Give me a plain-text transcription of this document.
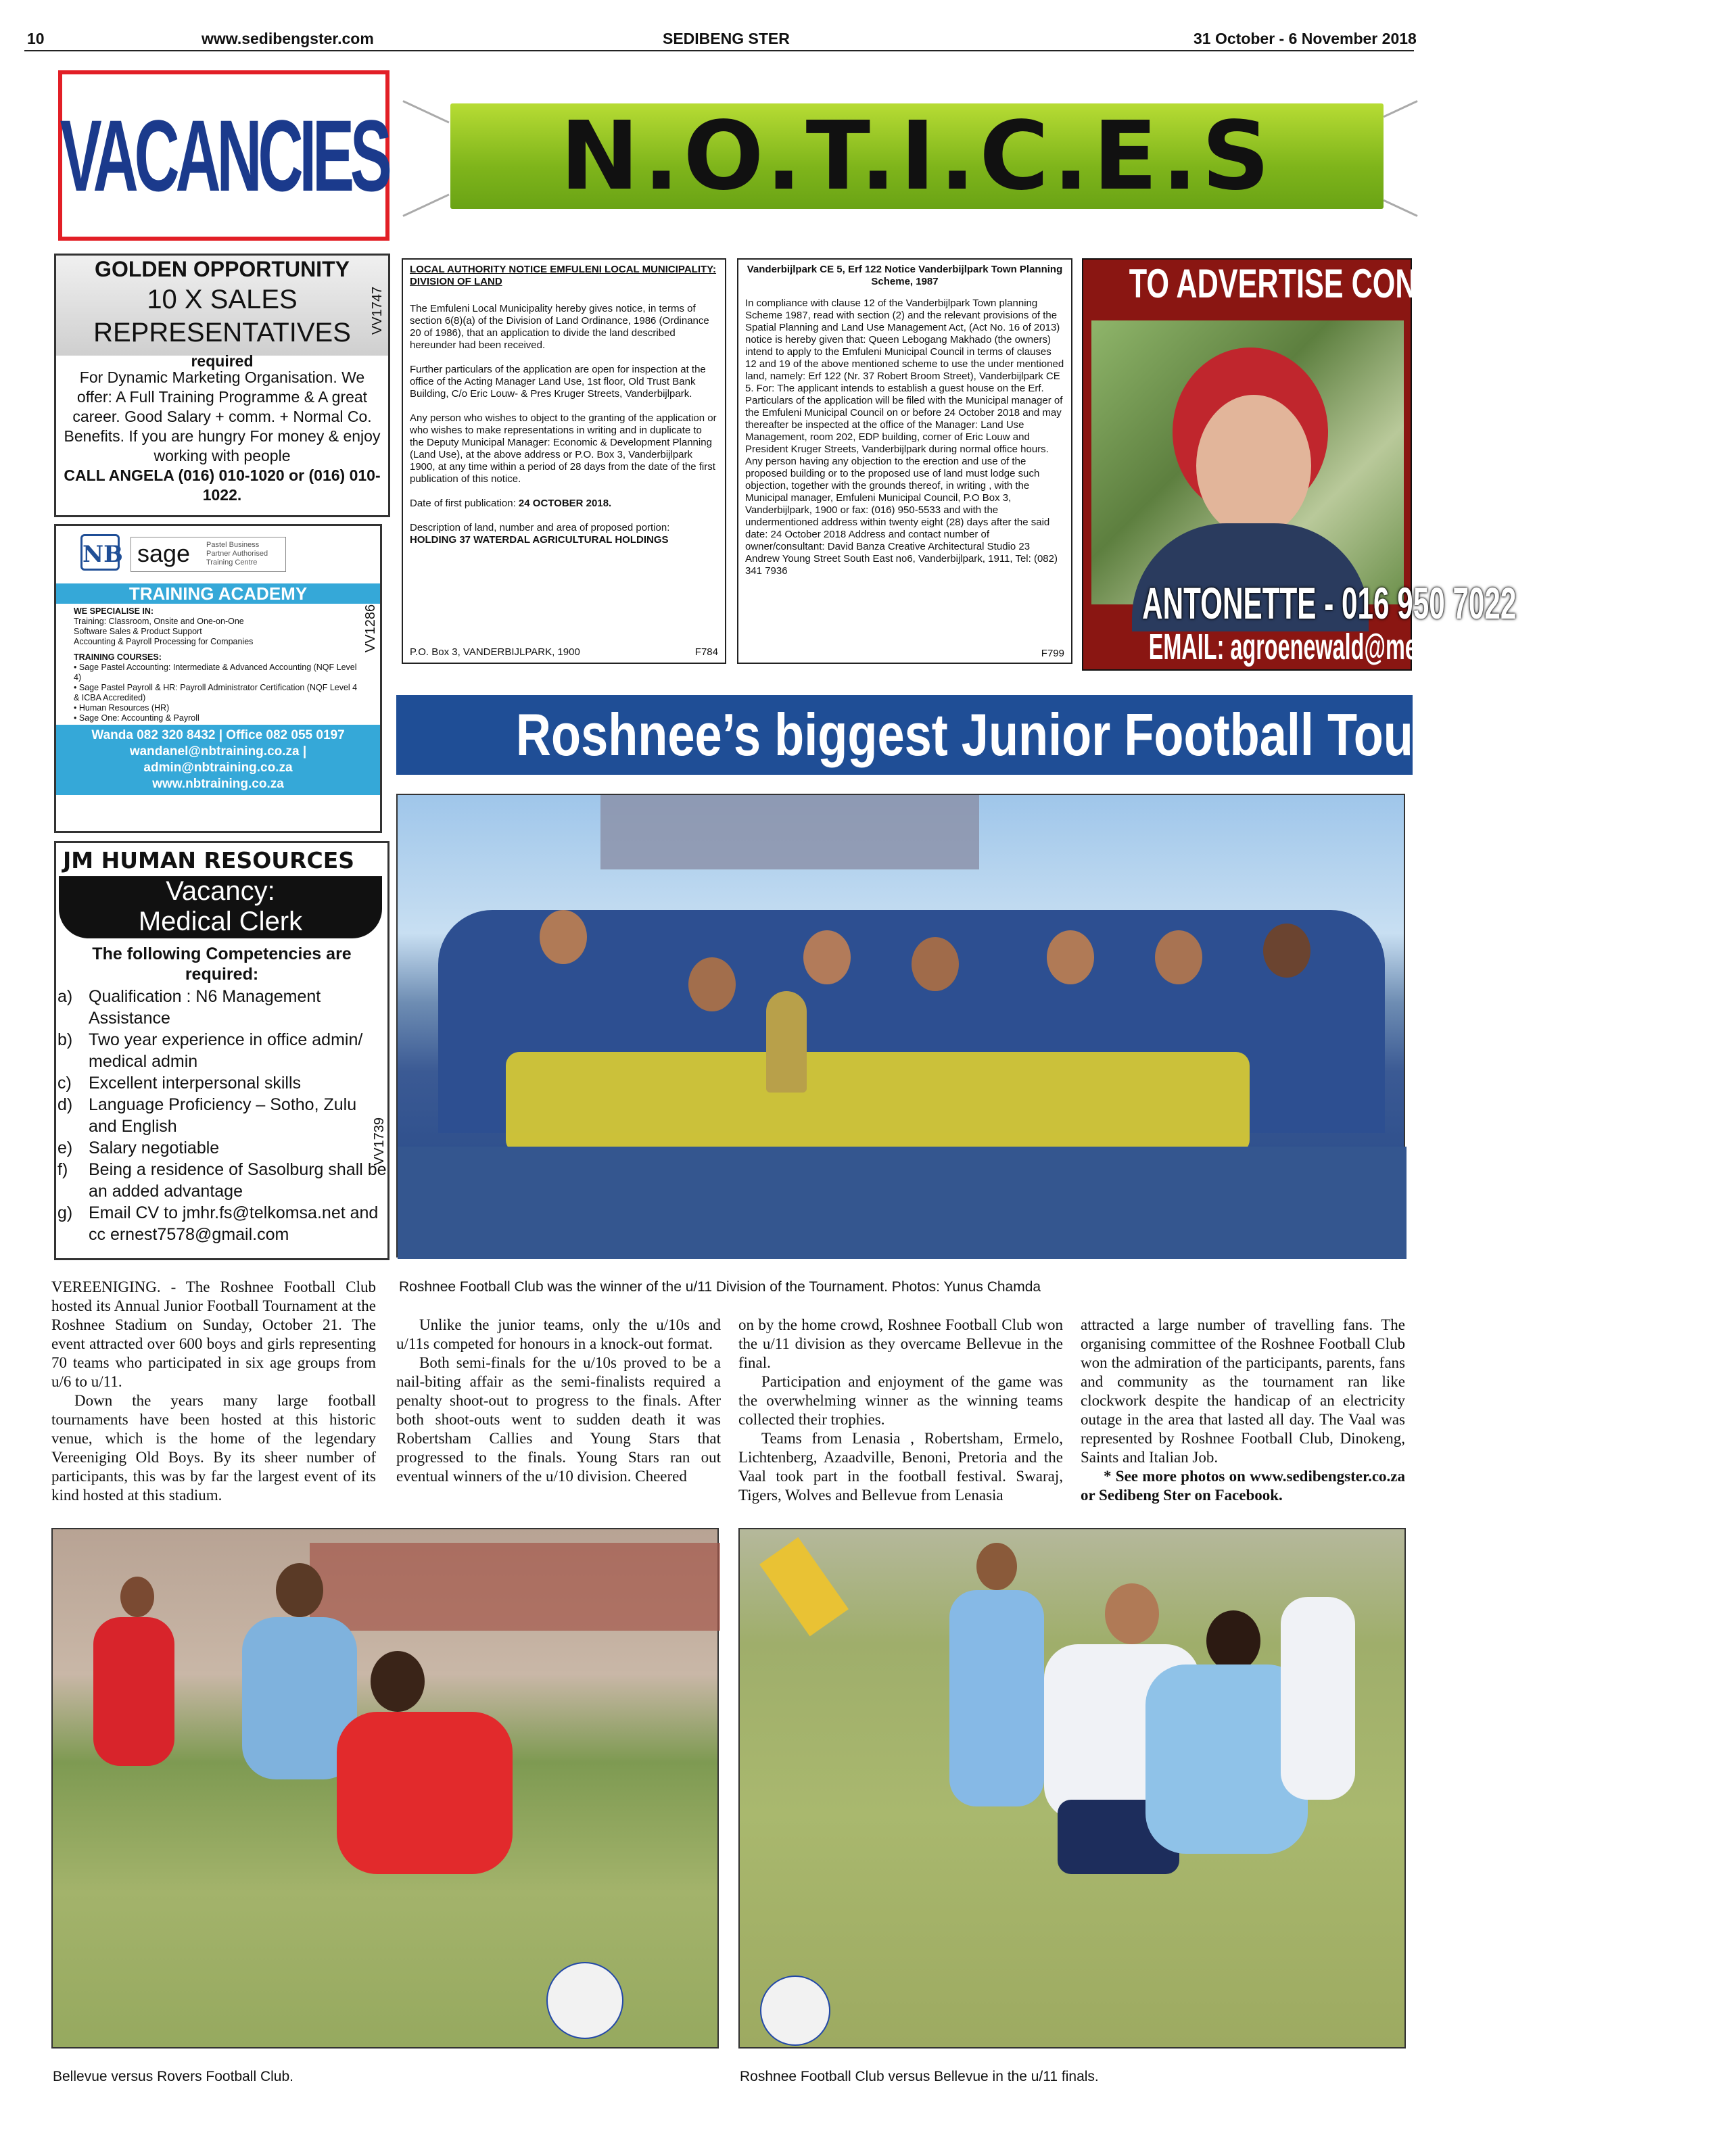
10	www.sedibengster.com	SEDIBENG STER	31 October - 6 November 2018
VACANCIES	N.O.T.I.C.E.S
GOLDEN OPPORTUNITY
10 X SALES
REPRESENTATIVES
required
For Dynamic Marketing Organisation. We offer: A Full Training Programme & A great career. Good Salary + comm. + Normal Co. Benefits. If you are hungry For money & enjoy working with people
CALL ANGELA (016) 010-1020 or (016) 010-1022.
VV1747
NB sage Pastel Business Partner Authorised Training Centre
TRAINING ACADEMY
WE SPECIALISE IN:
Training: Classroom, Onsite and One-on-One
Software Sales & Product Support
Accounting & Payroll Processing for Companies
TRAINING COURSES:
• Sage Pastel Accounting: Intermediate & Advanced Accounting (NQF Level 4)
• Sage Pastel Payroll & HR: Payroll Administrator Certification (NQF Level 4 & ICBA Accredited)
• Human Resources (HR)
• Sage One: Accounting & Payroll
Wanda 082 320 8432 | Office 082 055 0197
wandanel@nbtraining.co.za |
admin@nbtraining.co.za
www.nbtraining.co.za
VV1286
JM HUMAN RESOURCES
Vacancy:
Medical Clerk
The following Competencies are required:
a) Qualification : N6 Management Assistance
b) Two year experience in office admin/ medical admin
c)	Excellent interpersonal skills
d) Language Proficiency – Sotho, Zulu and English
e) Salary negotiable
f)	Being a residence of Sasolburg shall be an added advantage
g) Email CV to jmhr.fs@telkomsa.net and cc ernest7578@gmail.com
VV1739

LOCAL AUTHORITY NOTICE EMFULENI LOCAL MUNICIPALITY: DIVISION OF LAND

The Emfuleni Local Municipality hereby gives notice, in terms of section 6(8)(a) of the Division of Land Ordinance, 1986 (Ordinance 20 of 1986), that an application to divide the land described hereunder had been received.

Further particulars of the application are open for inspection at the office of the Acting Manager Land Use, 1st floor, Old Trust Bank Building, C/o Eric Louw- & Pres Kruger Streets, Vanderbijlpark.

Any person who wishes to object to the granting of the application or who wishes to make representations in writing and in duplicate to the Deputy Municipal Manager: Economic & Development Planning (Land Use), at the above address or P.O. Box 3, Vanderbijlpark 1900, at any time within a period of 28 days from the date of the first publication of this notice.

Date of first publication: 24 OCTOBER 2018.

Description of land, number and area of proposed portion: HOLDING 37 WATERDAL AGRICULTURAL HOLDINGS

P.O. Box 3, VANDERBIJLPARK, 1900	F784
Vanderbijlpark CE 5, Erf 122 Notice Vanderbijlpark Town Planning Scheme, 1987
In compliance with clause 12 of the Vanderbijlpark Town planning Scheme 1987, read with section (2) and the relevant provisions of the Spatial Planning and Land Use Management Act, (Act No. 16 of 2013) notice is hereby given that: Queen Lebogang Makhado (the owners) intend to apply to the Emfuleni Municipal Council in terms of clauses 12 and 19 of the above mentioned scheme to use the under mentioned land, namely: Erf 122 (Nr. 37 Robert Broom Street), Vanderbijlpark CE 5. For: The applicant intends to establish a guest house on the Erf. Particulars of the application will be filed with the Municipal manager of the Emfuleni Municipal Council on or before 24 October 2018 and may thereafter be inspected at the office of the Manager: Land Use Management, room 202, EDP building, corner of Eric Louw and President Kruger Streets, Vanderbijlpark during normal office hours. Any person having any objection to the erection and use of the proposed building or to the proposed use of land must lodge such objection, together with the grounds thereof, in writing , with the Municipal manager, Emfuleni Municipal Council, P.O Box 3, Vanderbijlpark, 1900 or fax: (016) 950-5533 and with the undermentioned address within twenty eight (28) days after the said date: 24 October 2018 Address and contact number of owner/consultant: David Banza Creative Architectural Studio 23 Andrew Young Street South East no6, Vanderbijlpark, 1911, Tel: (082) 341 7936
F799
TO ADVERTISE CONTACT
ANTONETTE - 016 950 7022
EMAIL: agroenewald@media24.com
Roshnee’s biggest Junior Football Tournament
Roshnee Football Club was the winner of the u/11 Division of the Tournament. Photos: Yunus Chamda

VEREENIGING. - The Roshnee Football Club hosted its Annual Junior Football Tournament at the Roshnee Stadium on Sunday, October 21. The event attracted over 600 boys and girls representing 70 teams who participated in six age groups from u/6 to u/11.

Down the years many large football tournaments have been hosted at this historic venue, which is the home of the legendary Vereeniging Old Boys. By its sheer number of participants, this was by far the largest event of its kind hosted at this stadium.

Unlike the junior teams, only the u/10s and u/11s competed for honours in a knock-out format.

Both semi-finals for the u/10s proved to be a nail-biting affair as the semi-finalists required a penalty shoot-out to progress to the finals. After both shoot-outs went to sudden death it was Robertsham Callies and Young Stars that progressed to the finals. Young Stars ran out eventual winners of the u/10 division. Cheered

on by the home crowd, Roshnee Football Club won the u/11 division as they overcame Bellevue in the final.

Participation and enjoyment of the game was the overwhelming winner as the winning teams collected their trophies.

Teams from Lenasia , Robertsham, Ermelo, Lichtenberg, Azaadville, Benoni, Pretoria and the Vaal took part in the football festival. Swaraj, Tigers, Wolves and Bellevue from Lenasia

attracted a large number of travelling fans. The organising committee of the Roshnee Football Club won the admiration of the participants, parents, fans and community as the tournament ran like clockwork despite the handicap of an electricity outage in the area that lasted all day. The Vaal was represented by Roshnee Football Club, Dinokeng, Saints and Italian Job.

* See more photos on www.sedibengster.co.za or Sedibeng Ster on Facebook.

Bellevue versus Rovers Football Club.	Roshnee Football Club versus Bellevue in the u/11 finals.
